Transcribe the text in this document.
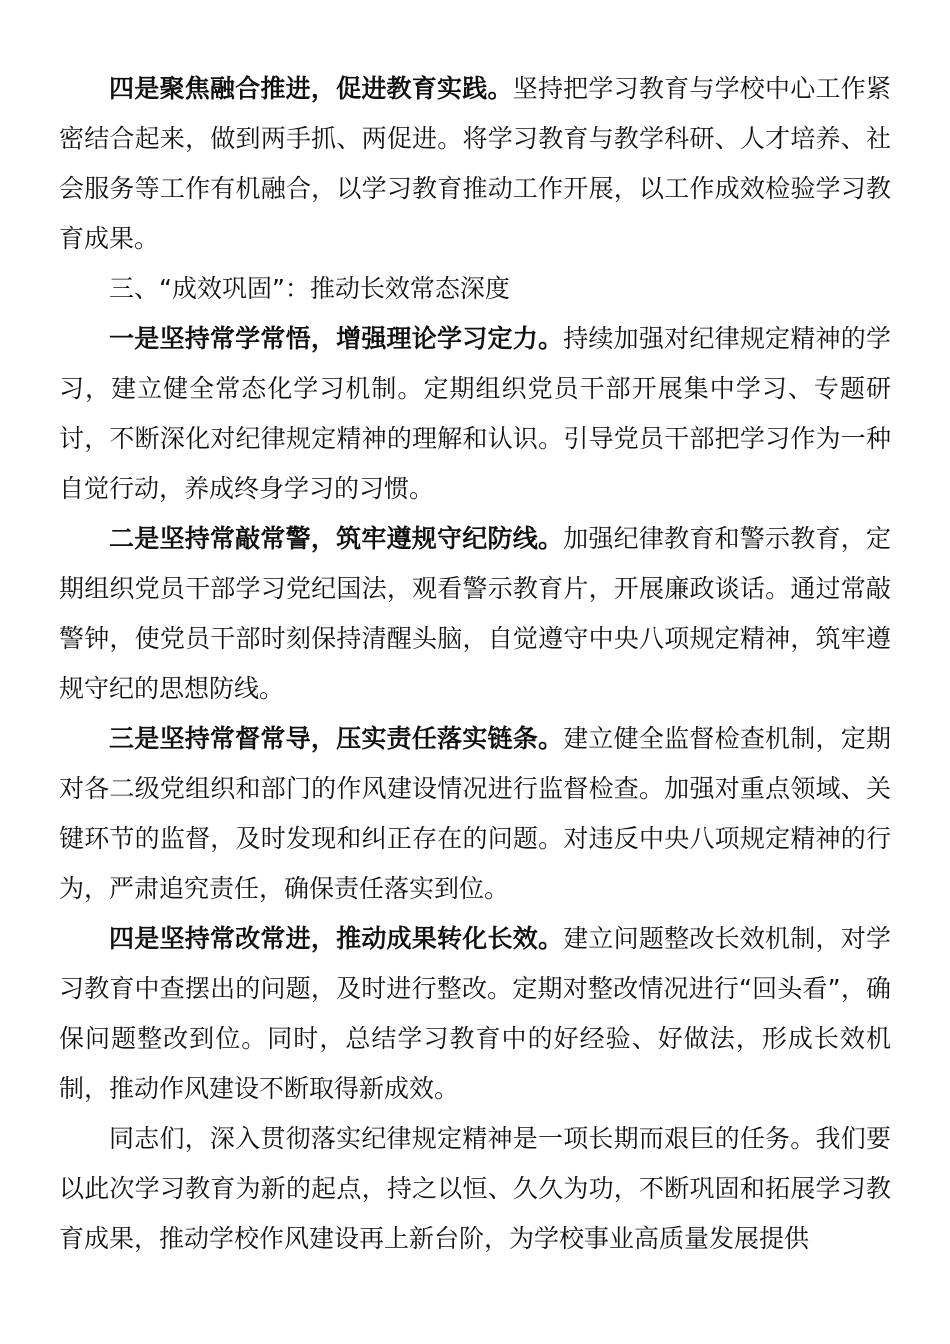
四是聚焦融合推进，促进教育实践。坚持把学习教育与学校中心工作紧密结合起来，做到两手抓、两促进。将学习教育与教学科研、人才培养、社会服务等工作有机融合，以学习教育推动工作开展，以工作成效检验学习教育成果。

三、“成效巩固”：推动长效常态深度

一是坚持常学常悟，增强理论学习定力。持续加强对纪律规定精神的学习，建立健全常态化学习机制。定期组织党员干部开展集中学习、专题研讨，不断深化对纪律规定精神的理解和认识。引导党员干部把学习作为一种自觉行动，养成终身学习的习惯。

二是坚持常敲常警，筑牢遵规守纪防线。加强纪律教育和警示教育，定期组织党员干部学习党纪国法，观看警示教育片，开展廉政谈话。通过常敲警钟，使党员干部时刻保持清醒头脑，自觉遵守中央八项规定精神，筑牢遵规守纪的思想防线。

三是坚持常督常导，压实责任落实链条。建立健全监督检查机制，定期对各二级党组织和部门的作风建设情况进行监督检查。加强对重点领域、关键环节的监督，及时发现和纠正存在的问题。对违反中央八项规定精神的行为，严肃追究责任，确保责任落实到位。

四是坚持常改常进，推动成果转化长效。建立问题整改长效机制，对学习教育中查摆出的问题，及时进行整改。定期对整改情况进行“回头看”，确保问题整改到位。同时，总结学习教育中的好经验、好做法，形成长效机制，推动作风建设不断取得新成效。

同志们，深入贯彻落实纪律规定精神是一项长期而艰巨的任务。我们要以此次学习教育为新的起点，持之以恒、久久为功，不断巩固和拓展学习教育成果，推动学校作风建设再上新台阶，为学校事业高质量发展提供
